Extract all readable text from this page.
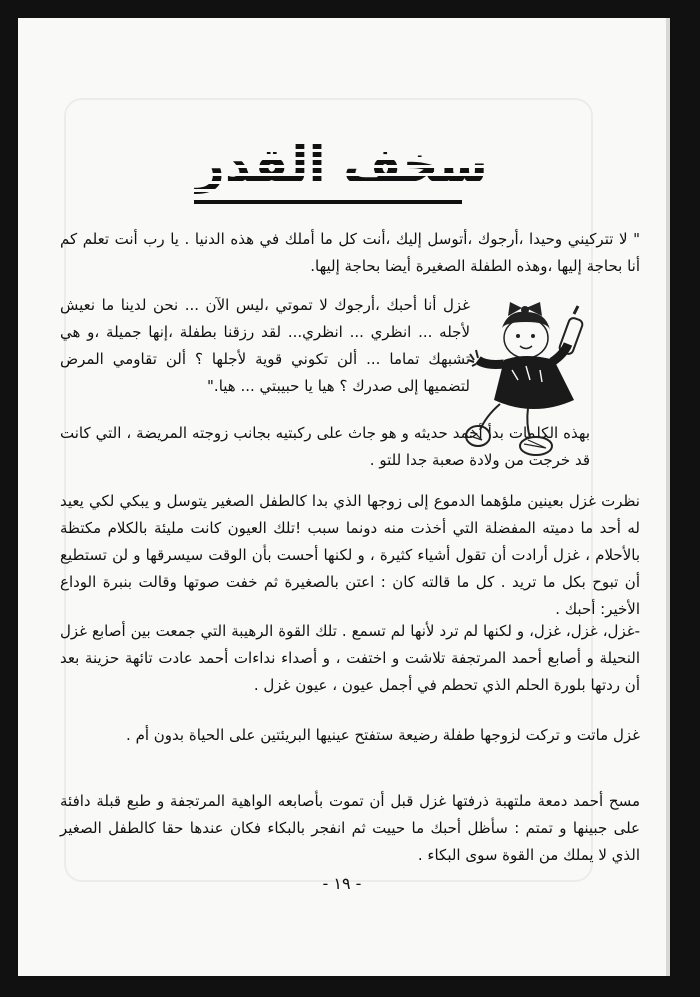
سخف القدر

" لا تتركيني وحيدا ،أرجوك ،أتوسل إليك ،أنت كل ما أملك في هذه الدنيا . يا رب أنت تعلم كم أنا بحاجة إليها ،وهذه الطفلة الصغيرة أيضا بحاجة إليها.

غزل أنا أحبك ،أرجوك لا تموتي ،ليس الآن ... نحن لدينا ما نعيش لأجله ... انظري ... انظري... لقد رزقنا بطفلة ،إنها جميلة ،و هي تشبهك تماما ... ألن تكوني قوية لأجلها ؟ ألن تقاومي المرض لتضميها إلى صدرك ؟ هيا يا حبيبتي ... هيا."

بهذه الكلمات بدأ أحمد حديثه و هو جاث على ركبتيه بجانب زوجته المريضة ، التي كانت قد خرجت من ولادة صعبة جدا للتو .

نظرت غزل بعينين ملؤهما الدموع إلى زوجها الذي بدا كالطفل الصغير يتوسل و يبكي لكي يعيد له أحد ما دميته المفضلة التي أخذت منه دونما سبب !تلك العيون كانت مليئة بالكلام مكتظة بالأحلام ، غزل أرادت أن تقول أشياء كثيرة ، و لكنها أحست بأن الوقت سيسرقها و لن تستطيع أن تبوح بكل ما تريد . كل ما قالته كان : اعتن بالصغيرة ثم خفت صوتها وقالت بنبرة الوداع الأخير: أحبك .

-غزل، غزل، غزل، و لكنها لم ترد لأنها لم تسمع . تلك القوة الرهيبة التي جمعت بين أصابع غزل النحيلة و أصابع أحمد المرتجفة تلاشت و اختفت ، و أصداء نداءات أحمد عادت تائهة حزينة بعد أن ردتها بلورة الحلم الذي تحطم في أجمل عيون ، عيون غزل .

غزل ماتت و تركت لزوجها طفلة رضيعة ستفتح عينيها البريئتين على الحياة بدون أم .

مسح أحمد دمعة ملتهبة ذرفتها غزل قبل أن تموت بأصابعه الواهية المرتجفة و طبع قبلة دافئة على جبينها و تمتم : سأظل أحبك ما حييت ثم انفجر بالبكاء فكان عندها حقا كالطفل الصغير الذي لا يملك من القوة سوى البكاء .

- ١٩ -
